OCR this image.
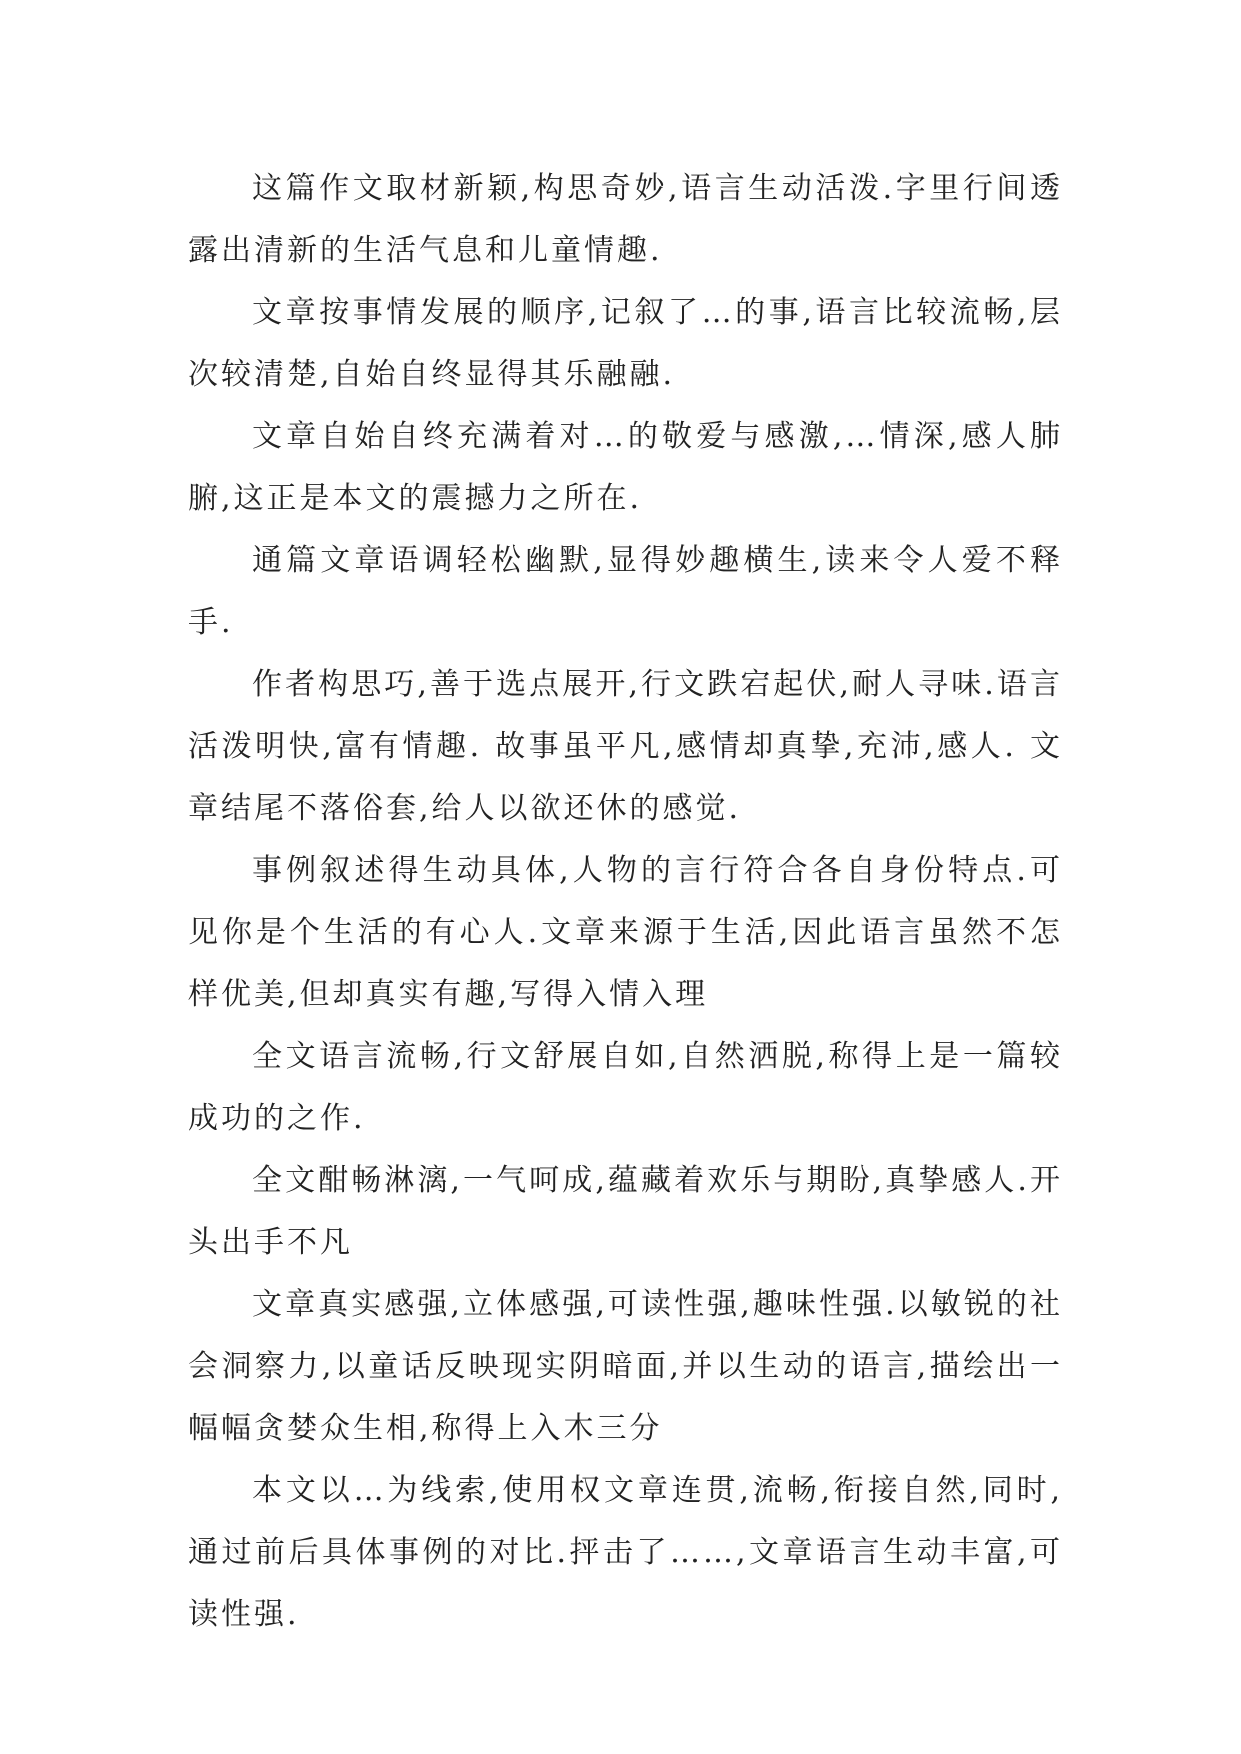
这篇作文取材新颖,构思奇妙,语言生动活泼.字里行间透露出清新的生活气息和儿童情趣.

文章按事情发展的顺序,记叙了…的事,语言比较流畅,层次较清楚,自始自终显得其乐融融.

文章自始自终充满着对…的敬爱与感激,…情深,感人肺腑,这正是本文的震撼力之所在.

通篇文章语调轻松幽默,显得妙趣横生,读来令人爱不释手.

作者构思巧,善于选点展开,行文跌宕起伏,耐人寻味.语言活泼明快,富有情趣. 故事虽平凡,感情却真挚,充沛,感人. 文章结尾不落俗套,给人以欲还休的感觉.

事例叙述得生动具体,人物的言行符合各自身份特点.可见你是个生活的有心人.文章来源于生活,因此语言虽然不怎样优美,但却真实有趣,写得入情入理

全文语言流畅,行文舒展自如,自然洒脱,称得上是一篇较成功的之作.

全文酣畅淋漓,一气呵成,蕴藏着欢乐与期盼,真挚感人.开头出手不凡

文章真实感强,立体感强,可读性强,趣味性强.以敏锐的社会洞察力,以童话反映现实阴暗面,并以生动的语言,描绘出一幅幅贪婪众生相,称得上入木三分

本文以…为线索,使用权文章连贯,流畅,衔接自然,同时,通过前后具体事例的对比.抨击了……,文章语言生动丰富,可读性强.
